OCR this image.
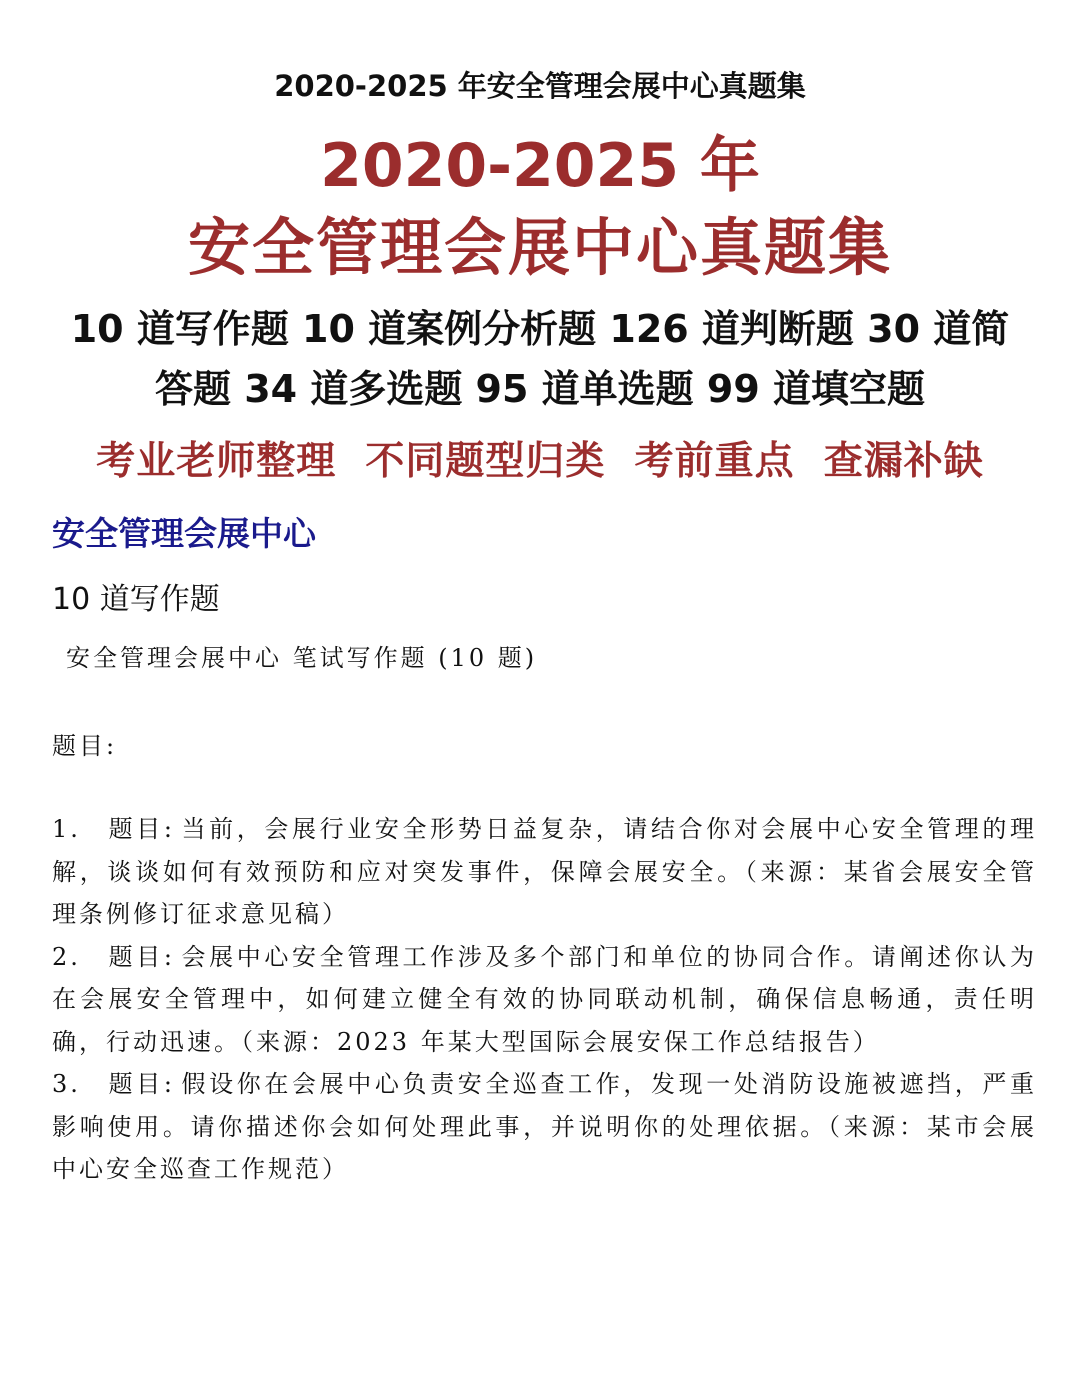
2020-2025 年安全管理会展中心真题集
2020-2025 年
安全管理会展中心真题集
10 道写作题 10 道案例分析题 126 道判断题 30 道简
答题 34 道多选题 95 道单选题 99 道填空题
考业老师整理  不同题型归类  考前重点  查漏补缺
安全管理会展中心
10 道写作题
安全管理会展中心 笔试写作题 (10 题)
题目:

1. 题目: 当前，会展行业安全形势日益复杂，请结合你对会展中心安全管理的理解，谈谈如何有效预防和应对突发事件，保障会展安全。（来源：某省会展安全管理条例修订征求意见稿）

2. 题目: 会展中心安全管理工作涉及多个部门和单位的协同合作。请阐述你认为在会展安全管理中，如何建立健全有效的协同联动机制，确保信息畅通，责任明确，行动迅速。（来源：2023 年某大型国际会展安保工作总结报告）

3. 题目: 假设你在会展中心负责安全巡查工作，发现一处消防设施被遮挡，严重影响使用。请你描述你会如何处理此事，并说明你的处理依据。（来源：某市会展中心安全巡查工作规范）
